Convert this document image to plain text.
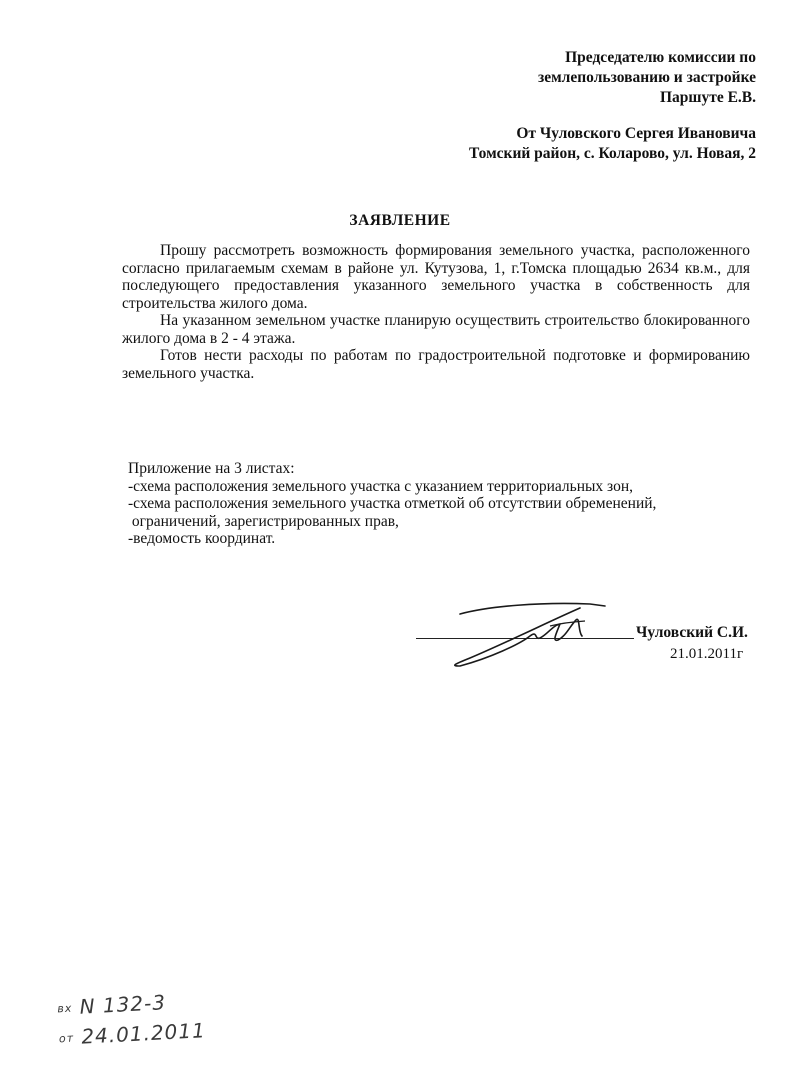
Председателю комиссии по
землепользованию и застройке
Паршуте Е.В.
От Чуловского Сергея Ивановича
Томский район, с. Коларово, ул. Новая, 2
ЗАЯВЛЕНИЕ

Прошу рассмотреть возможность формирования земельного участка, расположенного согласно прилагаемым схемам в районе ул. Кутузова, 1, г.Томска площадью 2634 кв.м., для последующего предоставления указанного земельного участка в собственность для строительства жилого дома.

На указанном земельном участке планирую осуществить строительство блокированного жилого дома в 2 - 4 этажа.

Готов нести расходы по работам по градостроительной подготовке и формированию земельного участка.

Приложение на 3 листах:
-схема расположения земельного участка с указанием территориальных зон,
-схема расположения земельного участка отметкой об отсутствии обременений,
ограничений, зарегистрированных прав,
-ведомость координат.
Чуловский С.И.
21.01.2011г
вх N 132-3
от 24.01.2011
